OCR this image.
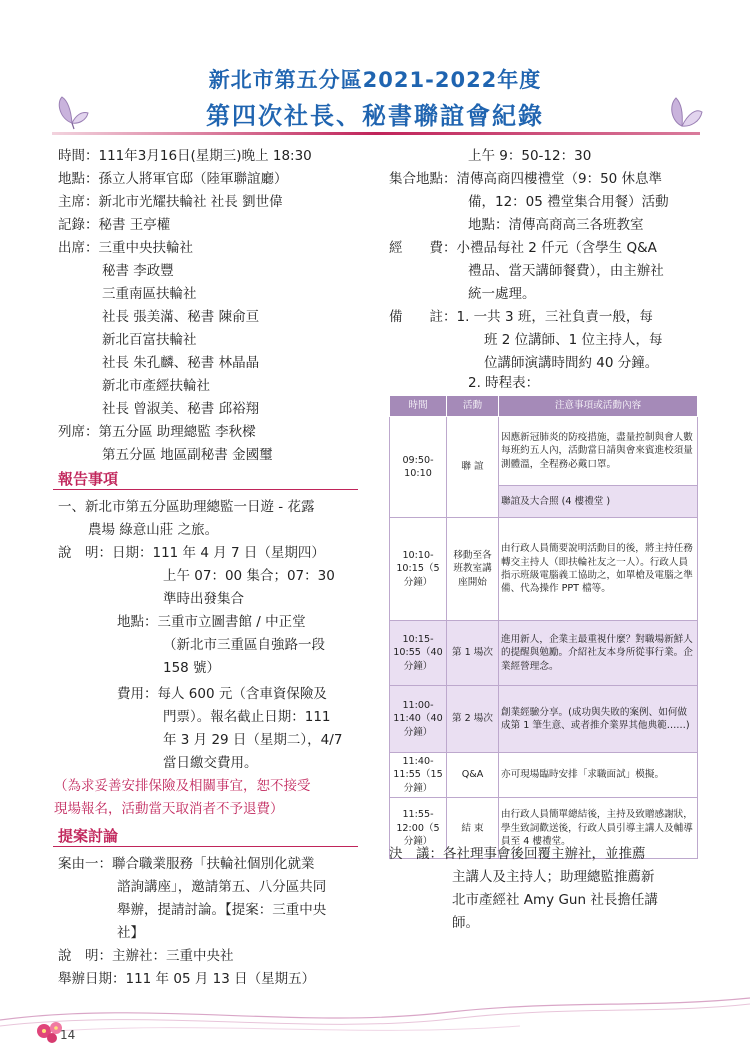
新北市第五分區2021-2022年度
第四次社長、秘書聯誼會紀錄
時間：111年3月16日(星期三)晚上 18:30
地點：孫立人將軍官邸（陸軍聯誼廳）
主席：新北市光耀扶輪社 社長 劉世偉
記錄：秘書 王亭權
出席：三重中央扶輪社
秘書 李政豐
三重南區扶輪社
社長 張美滿、秘書 陳俞亘
新北百富扶輪社
社長 朱孔麟、秘書 林晶晶
新北市產經扶輪社
社長 曾淑美、秘書 邱裕翔
列席：第五分區 助理總監 李秋樑
第五分區 地區副秘書 金國璽
報告事項
一、新北市第五分區助理總監一日遊 - 花露
農場 綠意山莊 之旅。
說　明：日期：111 年 4 月 7 日（星期四）
上午 07：00 集合；07：30
準時出發集合
地點：三重市立圖書館 / 中正堂
（新北市三重區自強路一段
158 號）
費用：每人 600 元（含車資保險及
門票）。報名截止日期：111
年 3 月 29 日（星期二），4/7
當日繳交費用。
（為求妥善安排保險及相關事宜，恕不接受
現場報名，活動當天取消者不予退費）
提案討論
案由一：聯合職業服務「扶輪社個別化就業
諮詢講座」，邀請第五、八分區共同
舉辦，提請討論。【提案：三重中央
社】
說　明：主辦社：三重中央社
舉辦日期：111 年 05 月 13 日（星期五）
上午 9：50-12：30
集合地點：清傳高商四樓禮堂（9：50 休息準
備，12：05 禮堂集合用餐）活動
地點：清傳高商高三各班教室
經　　費：小禮品每社 2 仟元（含學生 Q&A
禮品、當天講師餐費），由主辦社
統一處理。
備　　註：1. 一共 3 班，三社負責一般，每
班 2 位講師、1 位主持人，每
位講師演講時間約 40 分鐘。
2. 時程表：
時間	活動	注意事項或活動內容
09:50-10:10	聯 誼	因應新冠肺炎的防疫措施，盡量控制與會人數每班約五人內，活動當日請與會來賓進校須量測體溫，全程務必戴口罩。
		聯誼及大合照 (4 樓禮堂 )
10:10-10:15（5 分鐘）	移動至各班教室講座開始	由行政人員簡要說明活動目的後，將主持任務轉交主持人（即扶輪社友之一人）。行政人員指示班級電腦義工協助之，如單槍及電腦之準備、代為操作 PPT 檔等。
10:15-10:55（40分鐘）	第 1 場次	進用新人，企業主最重視什麼？對職場新鮮人的提醒與勉勵。介紹社友本身所從事行業。企業經營理念。
11:00-11:40（40分鐘）	第 2 場次	創業經驗分享。(成功與失敗的案例、如何做成第 1 筆生意、或者推介業界其他典範……)
11:40-11:55（15分鐘）	Q&A	亦可現場臨時安排「求職面試」模擬。
11:55-12:00（5 分鐘）	結 束	由行政人員簡單總結後，主持及致贈感謝狀，學生致詞歡送後，行政人員引導主講人及輔導員至 4 樓禮堂。
決　議：各社理事會後回覆主辦社，並推薦
主講人及主持人；助理總監推薦新
北市產經社 Amy Gun 社長擔任講
師。
14
